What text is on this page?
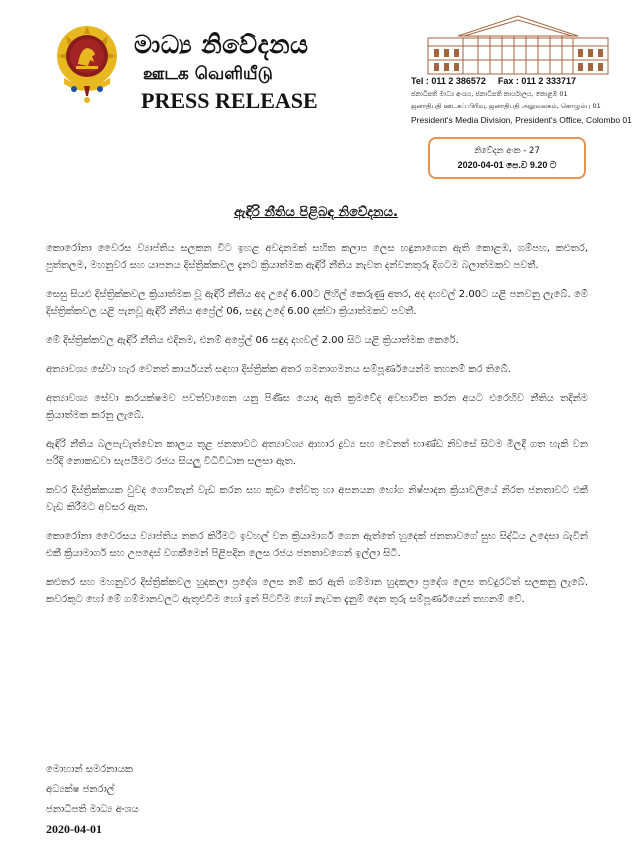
මාධ්‍ය නිවේදනය
ஊடக வெளியீடு
PRESS RELEASE
Tel : 011 2 386572 Fax : 011 2 333717
ජනාධිපති මාධ්‍ය අංශය, ජනාධිපති කාර්යාලය, කොළඹ 01
ஜனாதிபதி ஊடகப் பிரிவு, ஜனாதிபதி அலுவலகம், கொழும்பு 01
President's Media Division, President's Office, Colombo 01
නිවේදන අංක - 27
2020-04-01 පෙ.ව 9.20 ට
ඇඳිරි නීතිය පිළිබඳ නිවේදනය.

කොරෝනා වෛරස ව්‍යාප්තිය සලකන විට ඉහළ අවදානමක් සහිත කලාප ලෙස හඳුනාගෙන ඇති කොළඹ, ගම්පහ, කළුතර, පුත්තලම, මහනුවර සහ යාපනය දිස්ත්‍රික්කවල දැනට ක්‍රියාත්මක ඇඳිරි නීතිය නැවත දන්වනතුරු දිගටම බලාත්මකව පවතී.

සෙසු සියළු දිස්ත්‍රික්කවල ක්‍රියාත්මක වූ ඇඳිරි නීතිය අද උදේ 6.00ට ලිහිල් කෙරුණු අතර, අද දහවල් 2.00ට යළි පනවනු ලැබේ. මේ දිස්ත්‍රික්කවල යළි පැනවූ ඇඳිරි නීතිය අප්‍රේල් 06, සඳුදා උදේ 6.00 දක්වා ක්‍රියාත්මකව පවතී.

මේ දිස්ත්‍රික්කවල ඇඳිරි නීතිය එදිනම, එනම් අප්‍රේල් 06 සඳුදා දහවල් 2.00 සිට යළි ක්‍රියාත්මක කෙරේ.

අත්‍යාවශ්‍ය සේවා හැර වෙනත් කාර්යයන් සඳහා දිස්ත්‍රික්ක අතර ගමනාගමනය සම්පූර්ණයෙන්ම තහනම් කර තිබේ.

අත්‍යාවශ්‍ය සේවා කරයක්ෂමව පවත්වාගෙන යනු පිණිස යොදා ඇති ක්‍රමවේද අවභාවිත කරන අයට එරෙහිව නීතිය තදින්ම ක්‍රියාත්මක කරනු ලැබේ.

ඇඳිරි නීතිය බලපැවැත්වෙන කාලය තුළ ජනතාවට අත්‍යාවශ්‍ය ආහාර ද්‍රව්‍ය සහ වෙනත් භාණ්ඩ නිවසේ සිටම මිලදී ගත හැකි වන පරිදි නොකඩවා සැපයීමට රජය සියලු විධිවිධාන සලසා ඇත.

කවර දිස්ත්‍රික්කයක වුවද ගොවීතැන් වැඩ කරන සහ කුඩා තේවතු හා අපනයන භෝග නිෂ්පාදන ක්‍රියාවලියේ නිරත ජනතාවට එකී වැඩ කිරීමට අවසර ඇත.

කොරෝනා වෛරසය ව්‍යාප්තිය නතර කිරීමට ඉවහල් වන ක්‍රියාමාර්ග ගෙන ඇත්තේ හුදෙක් ජනතාවගේ සුභ සිද්ධිය උදෙසා බැවින් එකී ක්‍රියාමාර්ග සහ උපදෙස් වගකීමෙන් පිළිපදින ලෙස රජය ජනතාවගෙන් ඉල්ලා සිටී.

කළුතර සහ මහනුවර දිස්ත්‍රික්කවල හුදකලා ප්‍රදේශ ලෙස නම් කර ඇති ගම්මාන හුදකලා ප්‍රදේශ ලෙස තවදුරටත් සලකනු ලැබේ. කවරකුට හෝ මේ ගම්මානවලට ඇතුළුවීම හෝ ඉන් පිටවීම හෝ නැවත දැනුම් දෙන තුරු සම්පූර්ණයෙන් තහනම් වේ.

මොහාන් සමරනායක
අධ්‍යක්ෂ ජනරාල්
ජනාධිපති මාධ්‍ය අංශය
2020-04-01
